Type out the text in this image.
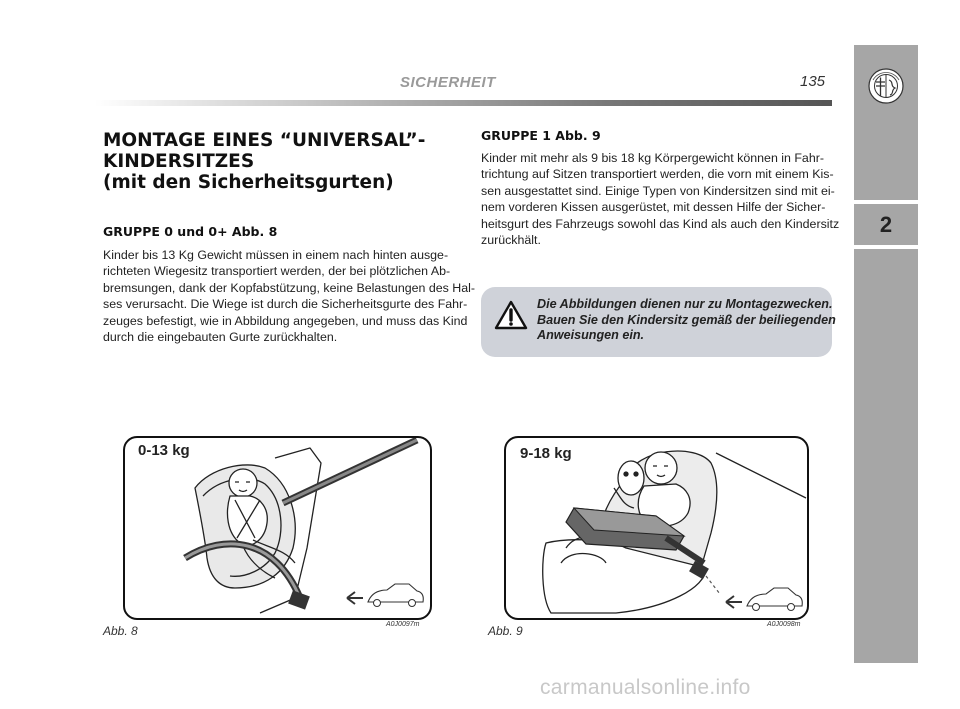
SICHERHEIT	135
2
MONTAGE EINES “UNIVERSAL”-
KINDERSITZES
(mit den Sicherheitsgurten)
GRUPPE 0 und 0+ Abb. 8
Kinder bis 13 Kg Gewicht müssen in einem nach hinten ausge-
richteten Wiegesitz transportiert werden, der bei plötzlichen Ab-
bremsungen, dank der Kopfabstützung, keine Belastungen des Hal-
ses verursacht. Die Wiege ist durch die Sicherheitsgurte des Fahr-
zeuges befestigt, wie in Abbildung angegeben, und muss das Kind
durch die eingebauten Gurte zurückhalten.
GRUPPE 1 Abb. 9
Kinder mit mehr als 9 bis 18 kg Körpergewicht können in Fahr-
trichtung auf Sitzen transportiert werden, die vorn mit einem Kis-
sen ausgestattet sind. Einige Typen von Kindersitzen sind mit ei-
nem vorderen Kissen ausgerüstet, mit dessen Hilfe der Sicher-
heitsgurt des Fahrzeugs sowohl das Kind als auch den Kindersitz
zurückhält.
Die Abbildungen dienen nur zu Montagezwecken.
Bauen Sie den Kindersitz gemäß der beiliegenden
Anweisungen ein.
0-13 kg
Abb. 8	A0J0097m
9-18 kg
Abb. 9	A0J0098m
carmanualsonline.info
